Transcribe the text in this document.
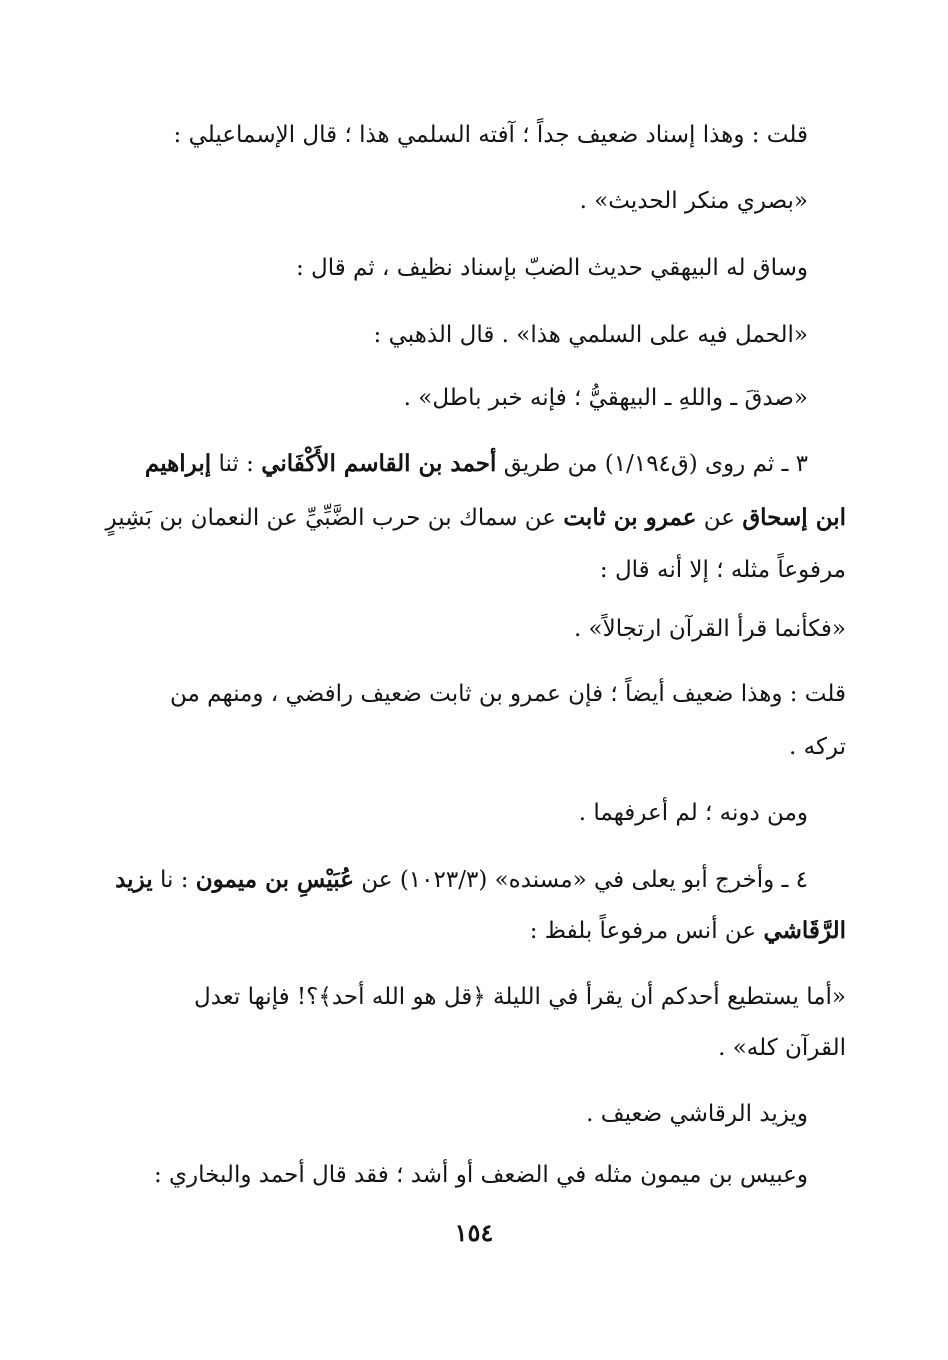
قلت : وهذا إسناد ضعيف جداً ؛ آفته السلمي هذا ؛ قال الإسماعيلي :

«بصري منكر الحديث» .

وساق له البيهقي حديث الضبّ بإسناد نظيف ، ثم قال :

«الحمل فيه على السلمي هذا» . قال الذهبي :

«صدقَ ـ واللهِ ـ البيهقيُّ ؛ فإنه خبر باطل» .

٣ ـ ثم روى (ق١/١٩٤) من طريق أحمد بن القاسم الأَكْفَاني : ثنا إبراهيم

ابن إسحاق عن عمرو بن ثابت عن سماك بن حرب الضَّبِّيِّ عن النعمان بن بَشِيرٍ

مرفوعاً مثله ؛ إلا أنه قال :

«فكأنما قرأ القرآن ارتجالاً» .

قلت : وهذا ضعيف أيضاً ؛ فإن عمرو بن ثابت ضعيف رافضي ، ومنهم من

تركه .

ومن دونه ؛ لم أعرفهما .

٤ ـ وأخرج أبو يعلى في «مسنده» (١٠٢٣/٣) عن عُبَيْسِ بن ميمون : نا يزيد

الرَّقَاشي عن أنس مرفوعاً بلفظ :

«أما يستطيع أحدكم أن يقرأ في الليلة ﴿قل هو الله أحد﴾؟! فإنها تعدل

القرآن كله» .

ويزيد الرقاشي ضعيف .

وعبيس بن ميمون مثله في الضعف أو أشد ؛ فقد قال أحمد والبخاري :

١٥٤
